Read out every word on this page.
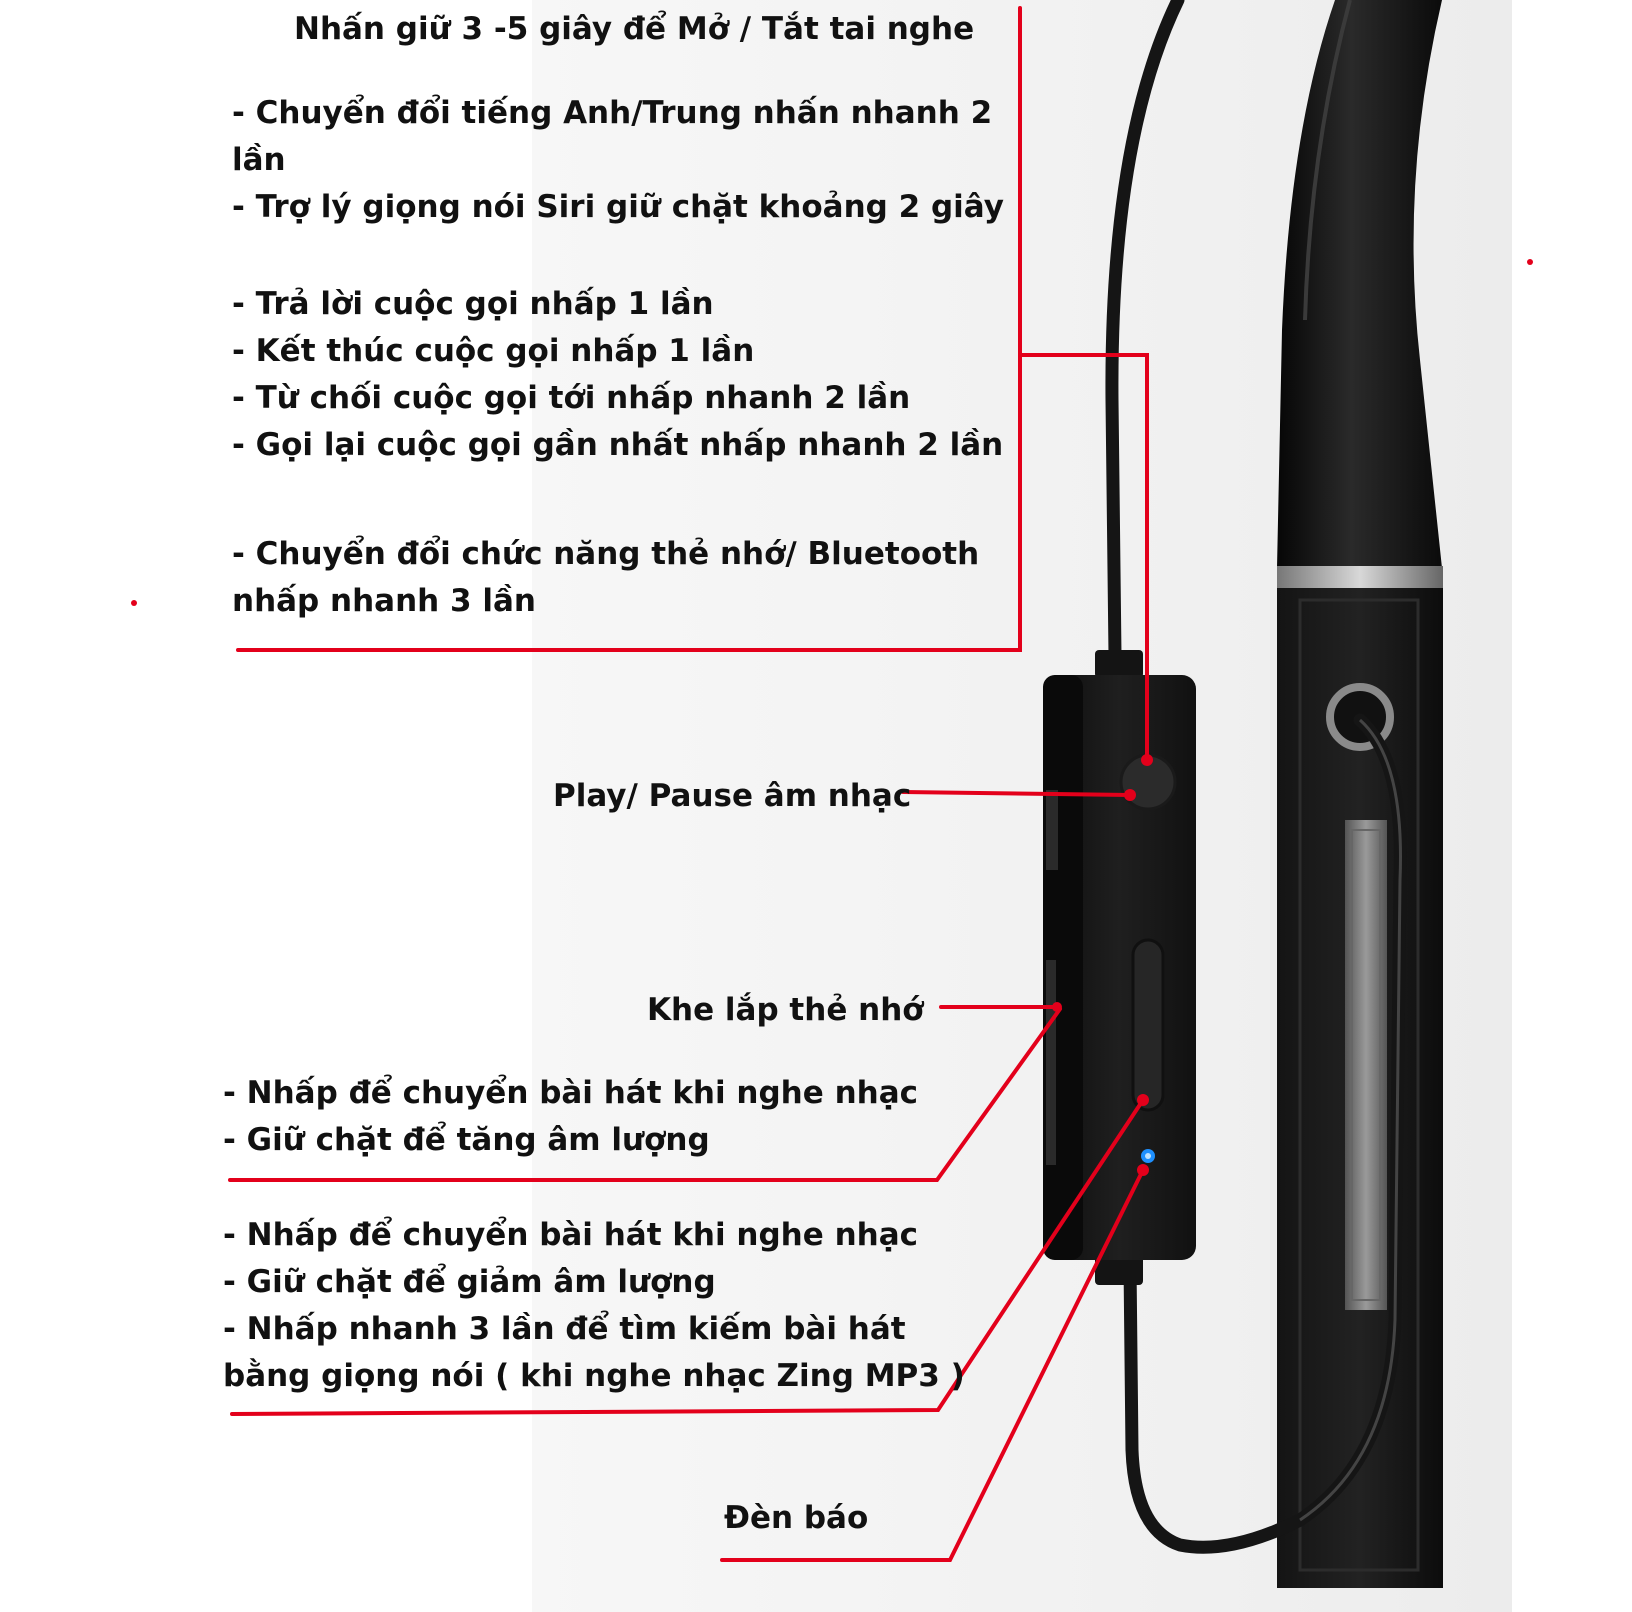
Nhấn giữ 3 -5 giây để Mở / Tắt tai nghe

- Chuyển đổi tiếng Anh/Trung nhấn nhanh 2

lần

- Trợ lý giọng nói Siri giữ chặt khoảng 2 giây

- Trả lời cuộc gọi nhấp 1 lần

- Kết thúc cuộc gọi nhấp 1 lần

- Từ chối cuộc gọi tới nhấp nhanh 2 lần

- Gọi lại cuộc gọi gần nhất nhấp nhanh 2 lần

- Chuyển đổi chức năng thẻ nhớ/ Bluetooth

nhấp nhanh 3 lần

Play/ Pause âm nhạc

Khe lắp thẻ nhớ

- Nhấp để chuyển bài hát khi nghe nhạc

- Giữ chặt để tăng âm lượng

- Nhấp để chuyển bài hát khi nghe nhạc

- Giữ chặt để giảm âm lượng

- Nhấp nhanh 3 lần để tìm kiếm bài hát

bằng giọng nói ( khi nghe nhạc Zing MP3 )

Đèn báo
